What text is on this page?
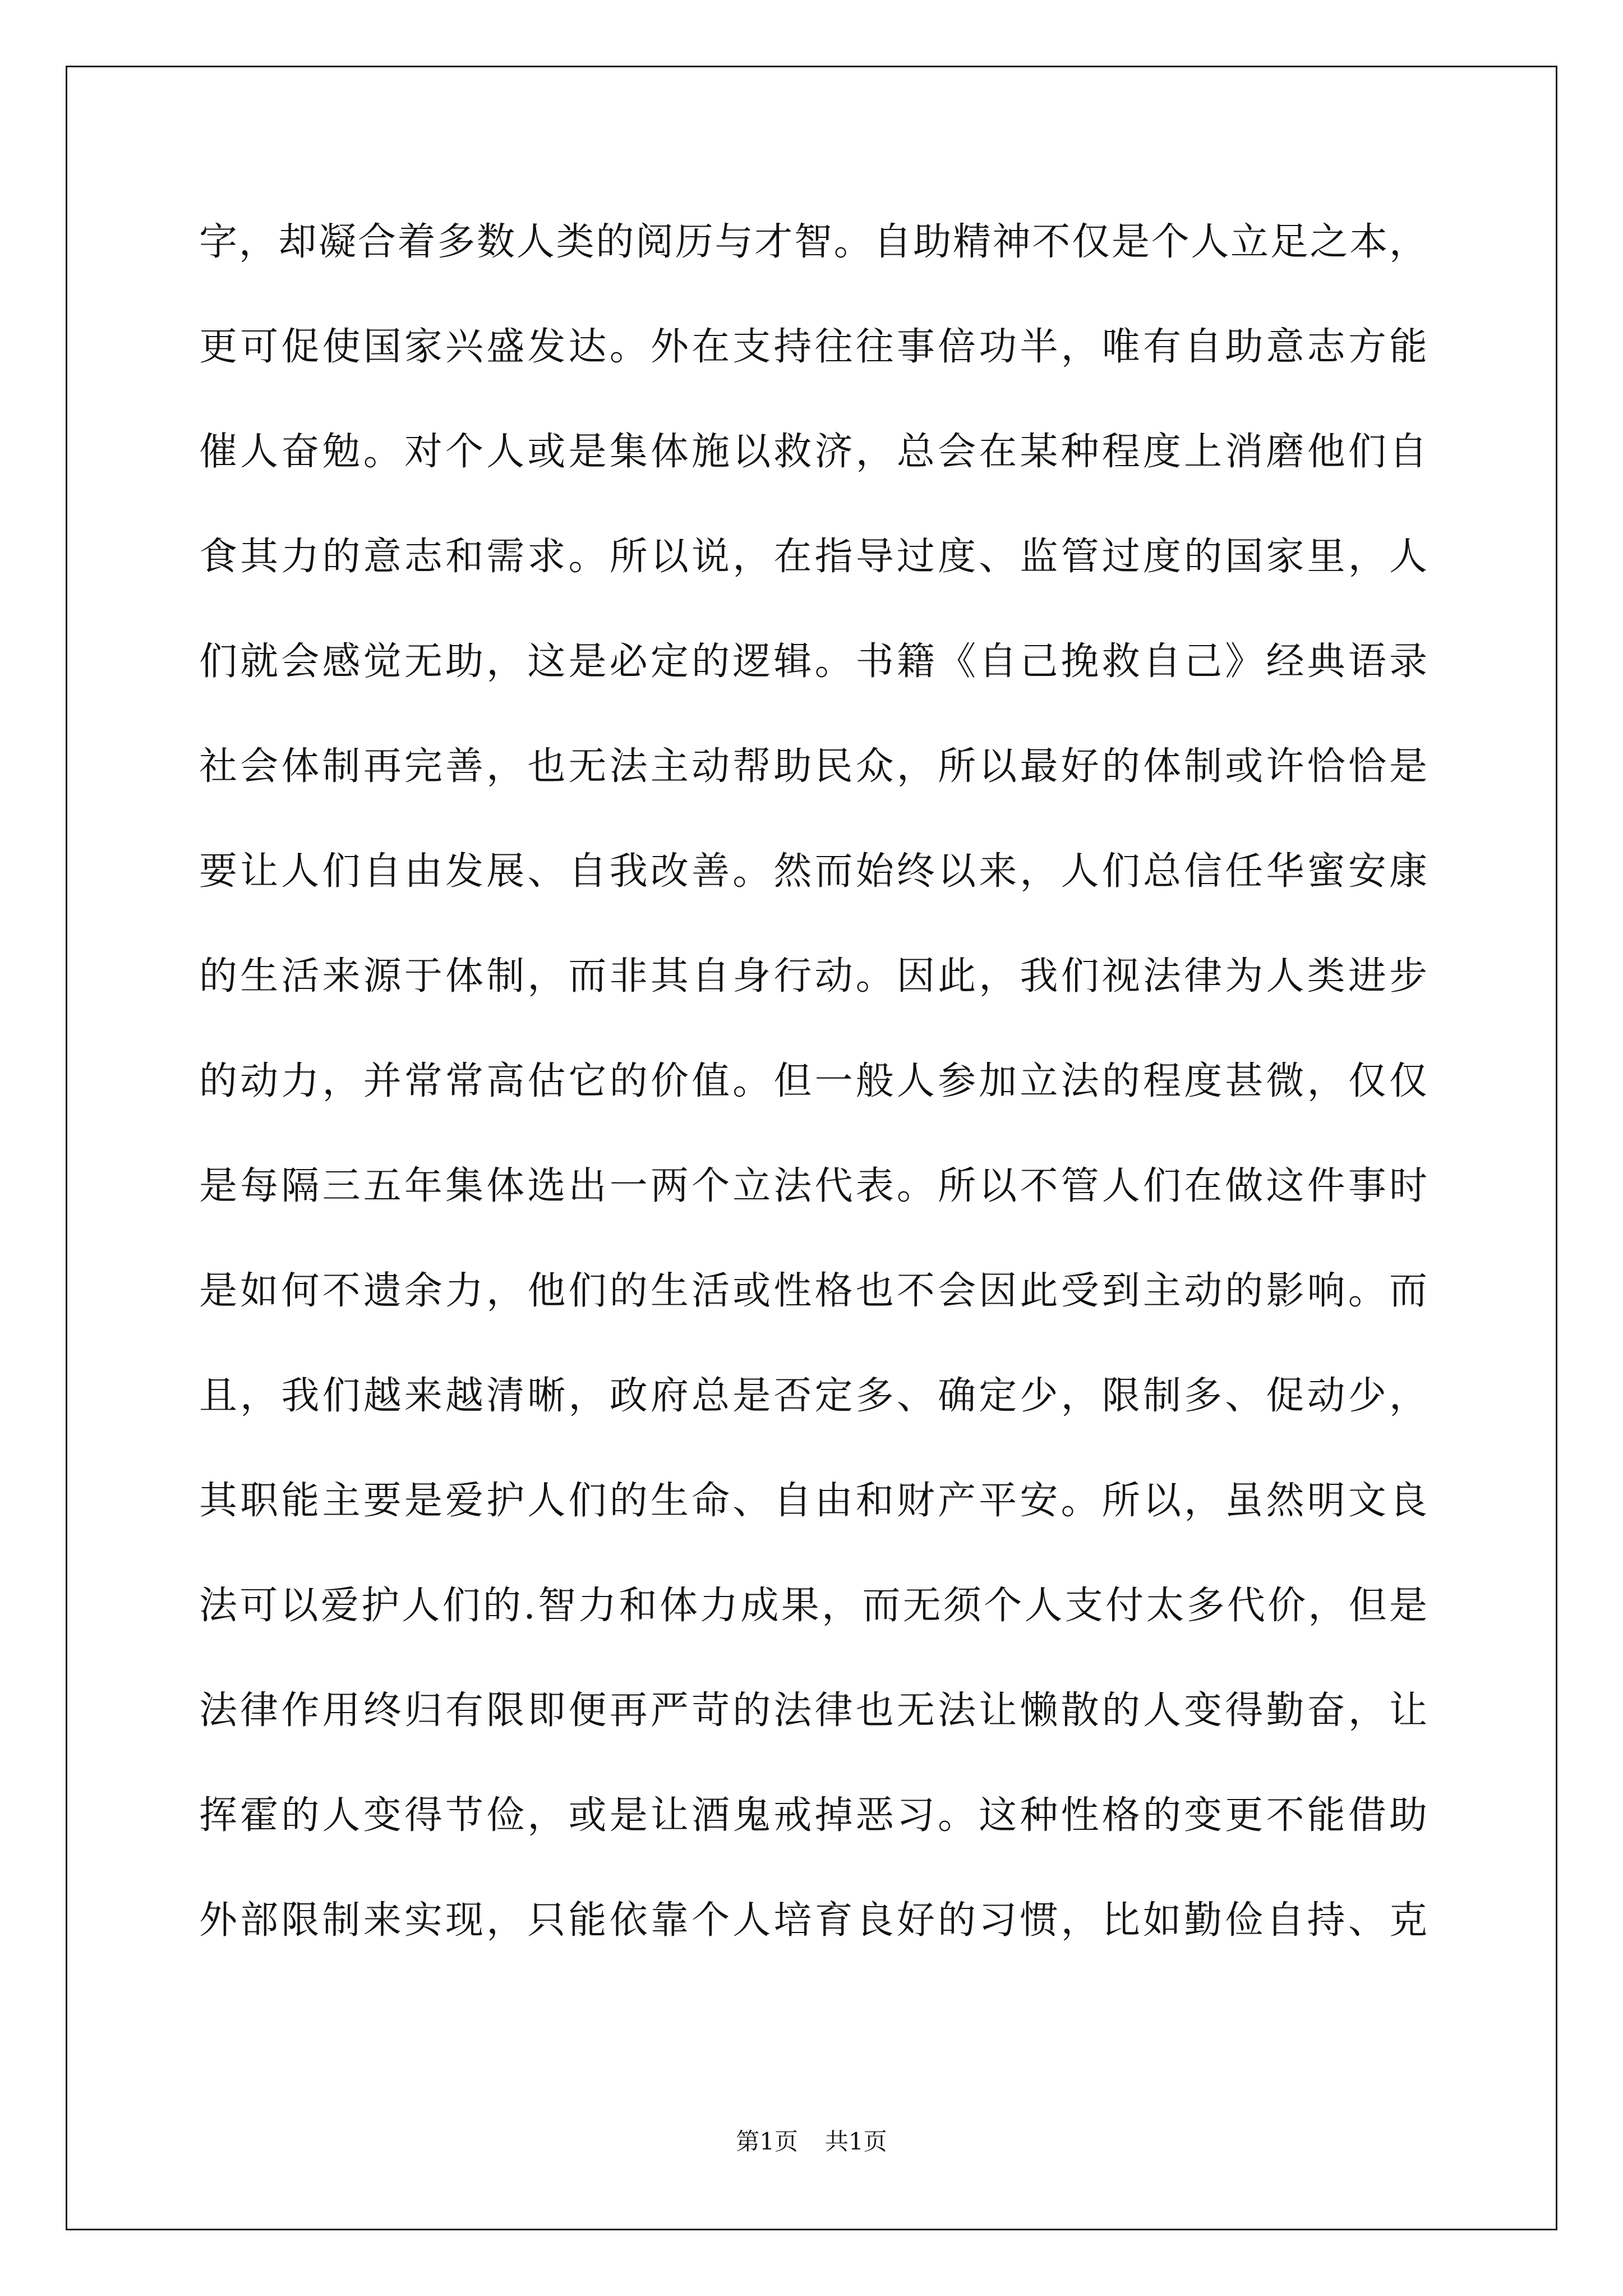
字，却凝合着多数人类的阅历与才智。自助精神不仅是个人立足之本，
更可促使国家兴盛发达。外在支持往往事倍功半，唯有自助意志方能
催人奋勉。对个人或是集体施以救济，总会在某种程度上消磨他们自
食其力的意志和需求。所以说，在指导过度、监管过度的国家里，人
们就会感觉无助，这是必定的逻辑。书籍《自己挽救自己》经典语录
社会体制再完善，也无法主动帮助民众，所以最好的体制或许恰恰是
要让人们自由发展、自我改善。然而始终以来，人们总信任华蜜安康
的生活来源于体制，而非其自身行动。因此，我们视法律为人类进步
的动力，并常常高估它的价值。但一般人参加立法的程度甚微，仅仅
是每隔三五年集体选出一两个立法代表。所以不管人们在做这件事时
是如何不遗余力，他们的生活或性格也不会因此受到主动的影响。而
且，我们越来越清晰，政府总是否定多、确定少，限制多、促动少，
其职能主要是爱护人们的生命、自由和财产平安。所以，虽然明文良
法可以爱护人们的.智力和体力成果，而无须个人支付太多代价，但是
法律作用终归有限即便再严苛的法律也无法让懒散的人变得勤奋，让
挥霍的人变得节俭，或是让酒鬼戒掉恶习。这种性格的变更不能借助
外部限制来实现，只能依靠个人培育良好的习惯，比如勤俭自持、克
第1页 共1页
